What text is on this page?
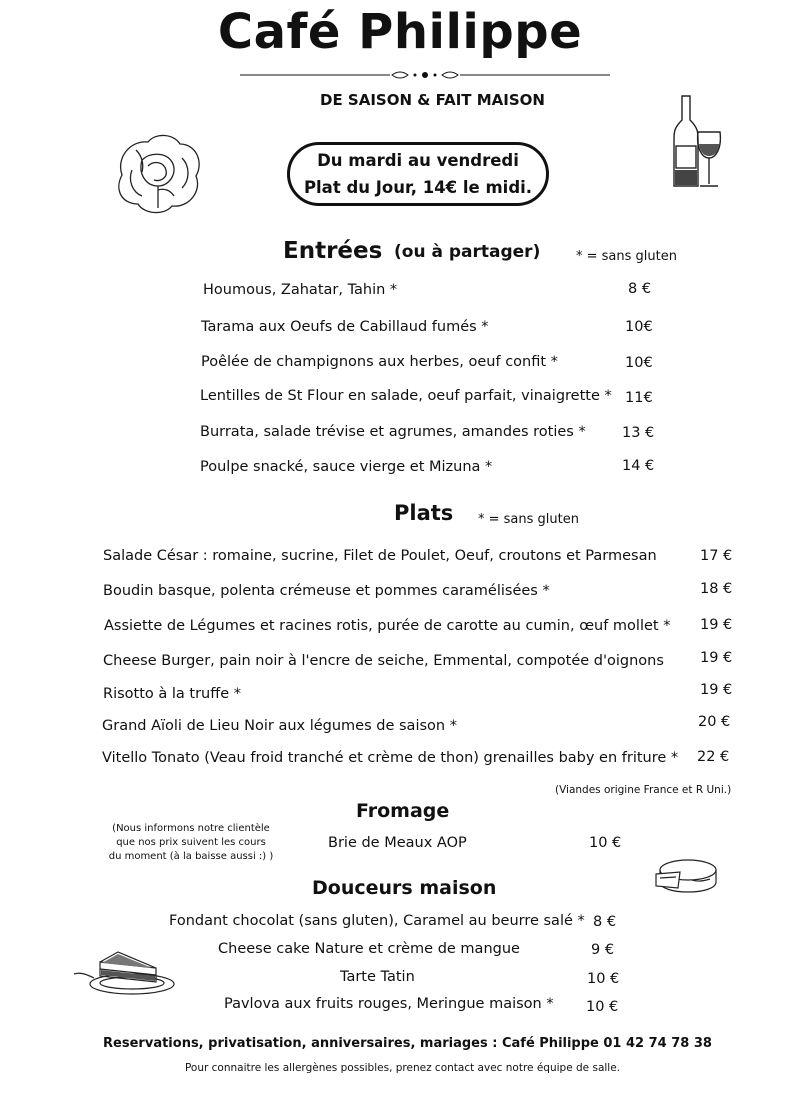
Café Philippe
DE SAISON & FAIT MAISON
Du mardi au vendredi
Plat du Jour, 14€ le midi.
Entrées (ou à partager)	* = sans gluten
Houmous, Zahatar, Tahin *	8 €
Tarama aux Oeufs de Cabillaud fumés *	10€
Poêlée de champignons aux herbes, oeuf confit *	10€
Lentilles de St Flour en salade, oeuf parfait, vinaigrette * 11€
Burrata, salade trévise et agrumes, amandes roties *	13 €
Poulpe snacké, sauce vierge et Mizuna *	14 €
Plats * = sans gluten
Salade César : romaine, sucrine, Filet de Poulet, Oeuf, croutons et Parmesan	17 €
Boudin basque, polenta crémeuse et pommes caramélisées *	18 €
Assiette de Légumes et racines rotis, purée de carotte au cumin, œuf mollet * 19 €
Cheese Burger, pain noir à l'encre de seiche, Emmental, compotée d'oignons 19 €
Risotto à la truffe *	19 €
Grand Aïoli de Lieu Noir aux légumes de saison *	20 €
Vitello Tonato (Veau froid tranché et crème de thon) grenailles baby en friture * 22 €
(Viandes origine France et R Uni.)
Fromage
(Nous informons notre clientèle
que nos prix suivent les cours
du moment (à la baisse aussi :) )
Brie de Meaux AOP	10 €
Douceurs maison
Fondant chocolat (sans gluten), Caramel au beurre salé * 8 €
Cheese cake Nature et crème de mangue	9 €
Tarte Tatin	10 €
Pavlova aux fruits rouges, Meringue maison * 10 €
Reservations, privatisation, anniversaires, mariages : Café Philippe 01 42 74 78 38
Pour connaitre les allergènes possibles, prenez contact avec notre équipe de salle.
